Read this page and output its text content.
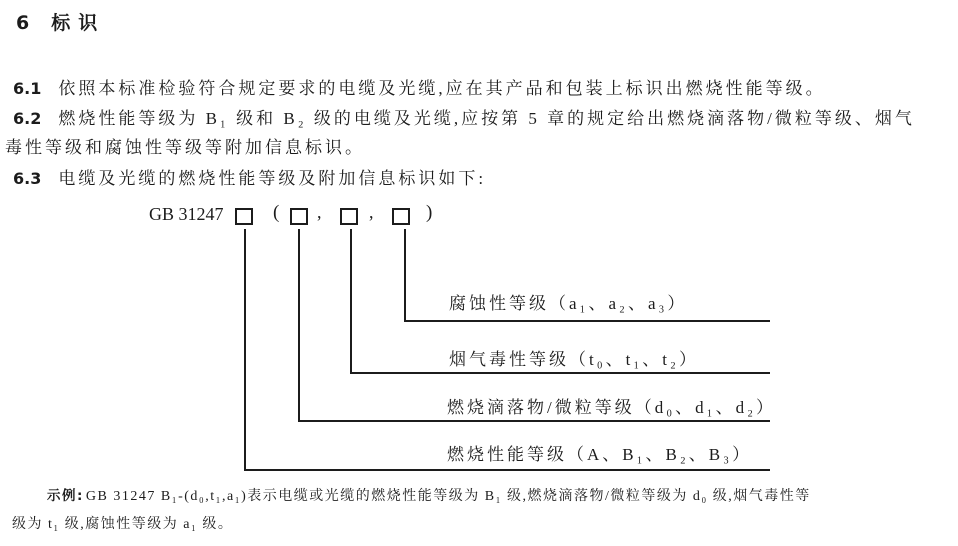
6 标识
6.1 依照本标准检验符合规定要求的电缆及光缆,应在其产品和包装上标识出燃烧性能等级。
6.2 燃烧性能等级为 B₁ 级和 B₂ 级的电缆及光缆,应按第 5 章的规定给出燃烧滴落物/微粒等级、烟气
毒性等级和腐蚀性等级等附加信息标识。
6.3 电缆及光缆的燃烧性能等级及附加信息标识如下:
GB 31247	( ,	,	)
腐蚀性等级（a₁、a₂、a₃）
烟气毒性等级（t₀、t₁、t₂）
燃烧滴落物/微粒等级（d₀、d₁、d₂）
燃烧性能等级（A、B₁、B₂、B₃）
示例: GB 31247 B₁-(d₀,t₁,a₁)表示电缆或光缆的燃烧性能等级为 B₁ 级,燃烧滴落物/微粒等级为 d₀ 级,烟气毒性等
级为 t₁ 级,腐蚀性等级为 a₁ 级。
